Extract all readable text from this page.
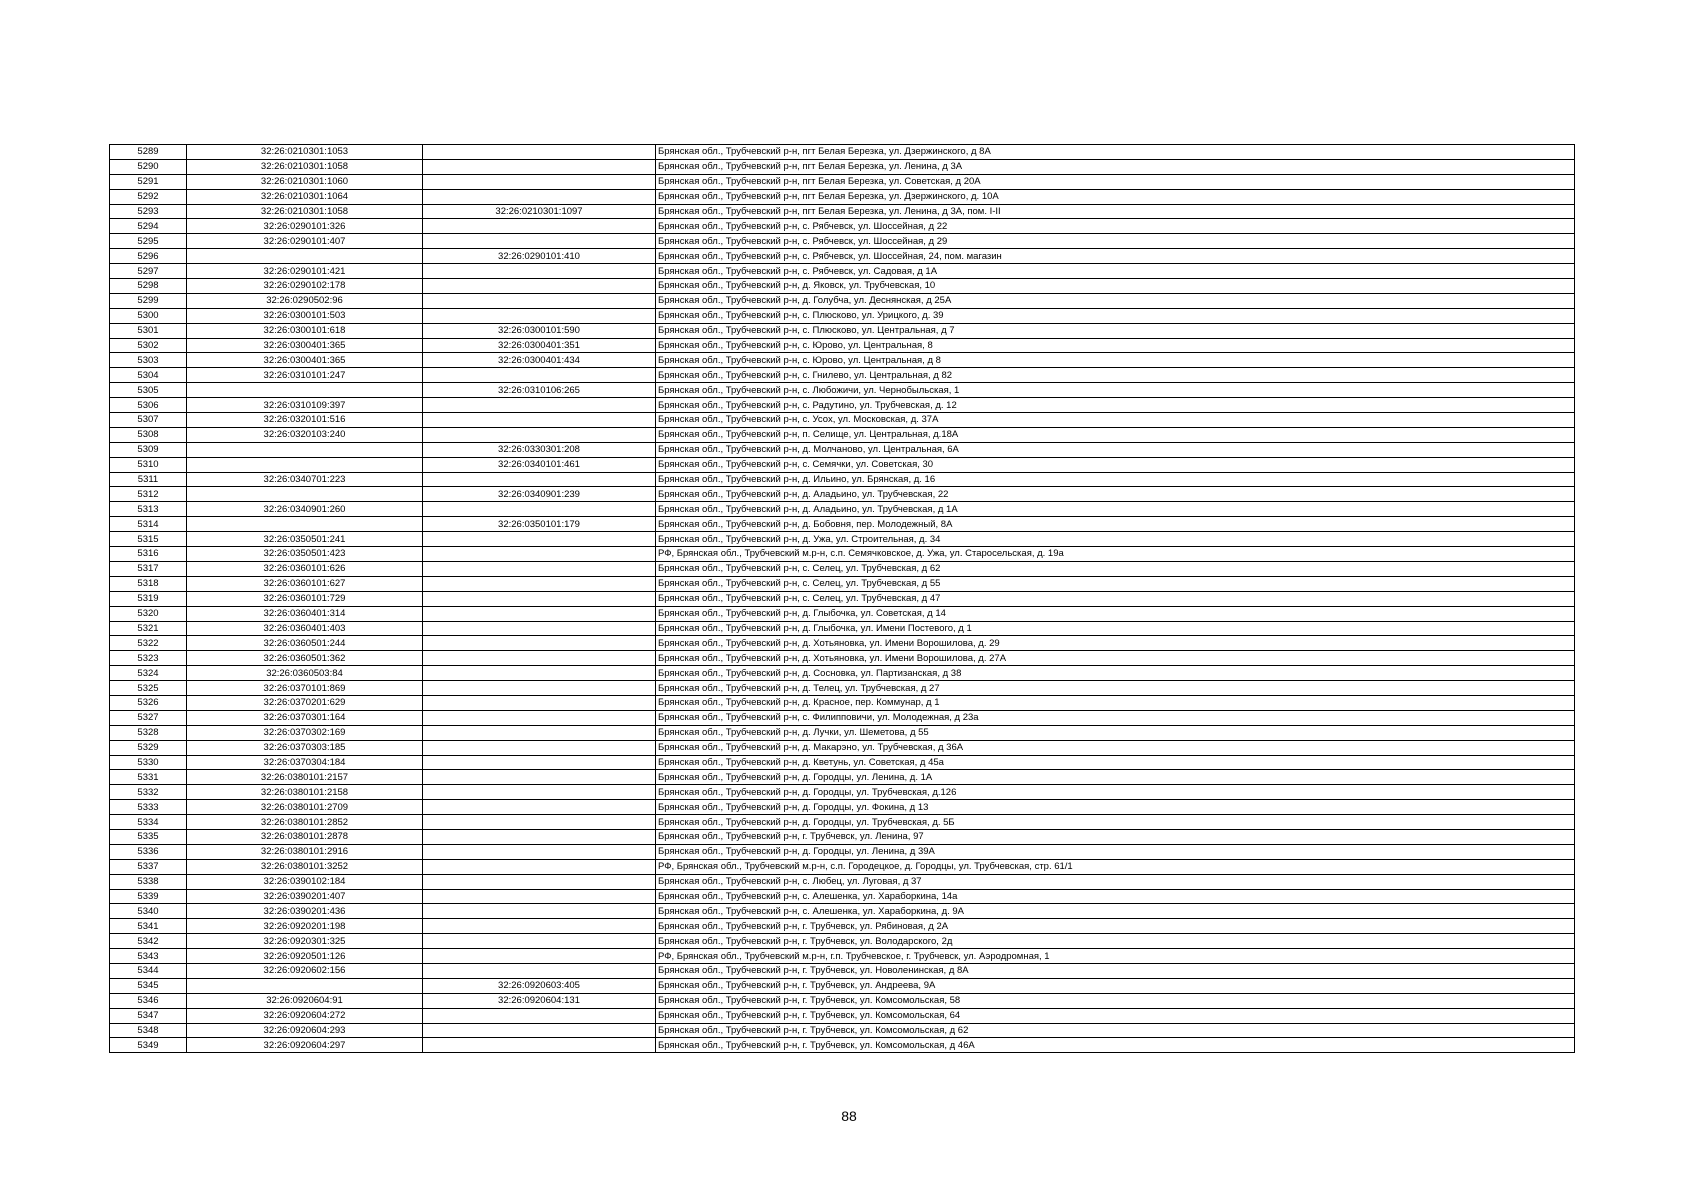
5289	32:26:0210301:1053		Брянская обл., Трубчевский р-н, пгт Белая Березка, ул. Дзержинского, д 8А
5290	32:26:0210301:1058		Брянская обл., Трубчевский р-н, пгт Белая Березка, ул. Ленина, д 3А
5291	32:26:0210301:1060		Брянская обл., Трубчевский р-н, пгт Белая Березка, ул. Советская, д 20А
5292	32:26:0210301:1064		Брянская обл., Трубчевский р-н, пгт Белая Березка, ул. Дзержинского, д. 10А
5293	32:26:0210301:1058	32:26:0210301:1097	Брянская обл., Трубчевский р-н, пгт Белая Березка, ул. Ленина, д 3А, пом. I-II
5294	32:26:0290101:326		Брянская обл., Трубчевский р-н, с. Рябчевск, ул. Шоссейная, д 22
5295	32:26:0290101:407		Брянская обл., Трубчевский р-н, с. Рябчевск, ул. Шоссейная, д 29
5296		32:26:0290101:410	Брянская обл., Трубчевский р-н, с. Рябчевск, ул. Шоссейная, 24, пом. магазин
5297	32:26:0290101:421		Брянская обл., Трубчевский р-н, с. Рябчевск, ул. Садовая, д 1А
5298	32:26:0290102:178		Брянская обл., Трубчевский р-н, д. Яковск, ул. Трубчевская, 10
5299	32:26:0290502:96		Брянская обл., Трубчевский р-н, д. Голубча, ул. Деснянская, д 25А
5300	32:26:0300101:503		Брянская обл., Трубчевский р-н, с. Плюсково, ул. Урицкого, д. 39
5301	32:26:0300101:618	32:26:0300101:590	Брянская обл., Трубчевский р-н, с. Плюсково, ул. Центральная, д 7
5302	32:26:0300401:365	32:26:0300401:351	Брянская обл., Трубчевский р-н, с. Юрово, ул. Центральная, 8
5303	32:26:0300401:365	32:26:0300401:434	Брянская обл., Трубчевский р-н, с. Юрово, ул. Центральная, д 8
5304	32:26:0310101:247		Брянская обл., Трубчевский р-н, с. Гнилево, ул. Центральная, д 82
5305		32:26:0310106:265	Брянская обл., Трубчевский р-н, с. Любожичи, ул. Чернобыльская, 1
5306	32:26:0310109:397		Брянская обл., Трубчевский р-н, с. Радутино, ул. Трубчевская, д. 12
5307	32:26:0320101:516		Брянская обл., Трубчевский р-н, с. Усох, ул. Московская, д. 37А
5308	32:26:0320103:240		Брянская обл., Трубчевский р-н, п. Селище, ул. Центральная, д.18А
5309		32:26:0330301:208	Брянская обл., Трубчевский р-н, д. Молчаново, ул. Центральная, 6А
5310		32:26:0340101:461	Брянская обл., Трубчевский р-н, с. Семячки, ул. Советская, 30
5311	32:26:0340701:223		Брянская обл., Трубчевский р-н, д. Ильино, ул. Брянская, д. 16
5312		32:26:0340901:239	Брянская обл., Трубчевский р-н, д. Аладьино, ул. Трубчевская, 22
5313	32:26:0340901:260		Брянская обл., Трубчевский р-н, д. Аладьино, ул. Трубчевская, д 1А
5314		32:26:0350101:179	Брянская обл., Трубчевский р-н, д. Бобовня, пер. Молодежный, 8А
5315	32:26:0350501:241		Брянская обл., Трубчевский р-н, д. Ужа, ул. Строительная, д. 34
5316	32:26:0350501:423		РФ, Брянская обл., Трубчевский м.р-н, с.п. Семячковское, д. Ужа, ул. Старосельская, д. 19а
5317	32:26:0360101:626		Брянская обл., Трубчевский р-н, с. Селец, ул. Трубчевская, д 62
5318	32:26:0360101:627		Брянская обл., Трубчевский р-н, с. Селец, ул. Трубчевская, д 55
5319	32:26:0360101:729		Брянская обл., Трубчевский р-н, с. Селец, ул. Трубчевская, д 47
5320	32:26:0360401:314		Брянская обл., Трубчевский р-н, д. Глыбочка, ул. Советская, д 14
5321	32:26:0360401:403		Брянская обл., Трубчевский р-н, д. Глыбочка, ул. Имени Постевого, д 1
5322	32:26:0360501:244		Брянская обл., Трубчевский р-н, д. Хотьяновка, ул. Имени Ворошилова, д. 29
5323	32:26:0360501:362		Брянская обл., Трубчевский р-н, д. Хотьяновка, ул. Имени Ворошилова, д. 27А
5324	32:26:0360503:84		Брянская обл., Трубчевский р-н, д. Сосновка, ул. Партизанская, д 38
5325	32:26:0370101:869		Брянская обл., Трубчевский р-н, д. Телец, ул. Трубчевская, д 27
5326	32:26:0370201:629		Брянская обл., Трубчевский р-н, д. Красное, пер. Коммунар, д 1
5327	32:26:0370301:164		Брянская обл., Трубчевский р-н, с. Филипповичи, ул. Молодежная, д 23а
5328	32:26:0370302:169		Брянская обл., Трубчевский р-н, д. Лучки, ул. Шеметова, д 55
5329	32:26:0370303:185		Брянская обл., Трубчевский р-н, д. Макарэно, ул. Трубчевская, д 36А
5330	32:26:0370304:184		Брянская обл., Трубчевский р-н, д. Кветунь, ул. Советская, д 45а
5331	32:26:0380101:2157		Брянская обл., Трубчевский р-н, д. Городцы, ул. Ленина, д. 1А
5332	32:26:0380101:2158		Брянская обл., Трубчевский р-н, д. Городцы, ул. Трубчевская, д.126
5333	32:26:0380101:2709		Брянская обл., Трубчевский р-н, д. Городцы, ул. Фокина, д 13
5334	32:26:0380101:2852		Брянская обл., Трубчевский р-н, д. Городцы, ул. Трубчевская, д. 5Б
5335	32:26:0380101:2878		Брянская обл., Трубчевский р-н, г. Трубчевск, ул. Ленина, 97
5336	32:26:0380101:2916		Брянская обл., Трубчевский р-н, д. Городцы, ул. Ленина, д 39А
5337	32:26:0380101:3252		РФ, Брянская обл., Трубчевский м.р-н, с.п. Городецкое, д. Городцы, ул. Трубчевская, стр. 61/1
5338	32:26:0390102:184		Брянская обл., Трубчевский р-н, с. Любец, ул. Луговая, д 37
5339	32:26:0390201:407		Брянская обл., Трубчевский р-н, с. Алешенка, ул. Хараборкина, 14а
5340	32:26:0390201:436		Брянская обл., Трубчевский р-н, с. Алешенка, ул. Хараборкина, д. 9А
5341	32:26:0920201:198		Брянская обл., Трубчевский р-н, г. Трубчевск, ул. Рябиновая, д 2А
5342	32:26:0920301:325		Брянская обл., Трубчевский р-н, г. Трубчевск, ул. Володарского, 2д
5343	32:26:0920501:126		РФ, Брянская обл., Трубчевский м.р-н, г.п. Трубчевское, г. Трубчевск, ул. Аэродромная, 1
5344	32:26:0920602:156		Брянская обл., Трубчевский р-н, г. Трубчевск, ул. Новоленинская, д 8А
5345		32:26:0920603:405	Брянская обл., Трубчевский р-н, г. Трубчевск, ул. Андреева, 9А
5346	32:26:0920604:91	32:26:0920604:131	Брянская обл., Трубчевский р-н, г. Трубчевск, ул. Комсомольская, 58
5347	32:26:0920604:272		Брянская обл., Трубчевский р-н, г. Трубчевск, ул. Комсомольская, 64
5348	32:26:0920604:293		Брянская обл., Трубчевский р-н, г. Трубчевск, ул. Комсомольская, д 62
5349	32:26:0920604:297		Брянская обл., Трубчевский р-н, г. Трубчевск, ул. Комсомольская, д 46А
88
